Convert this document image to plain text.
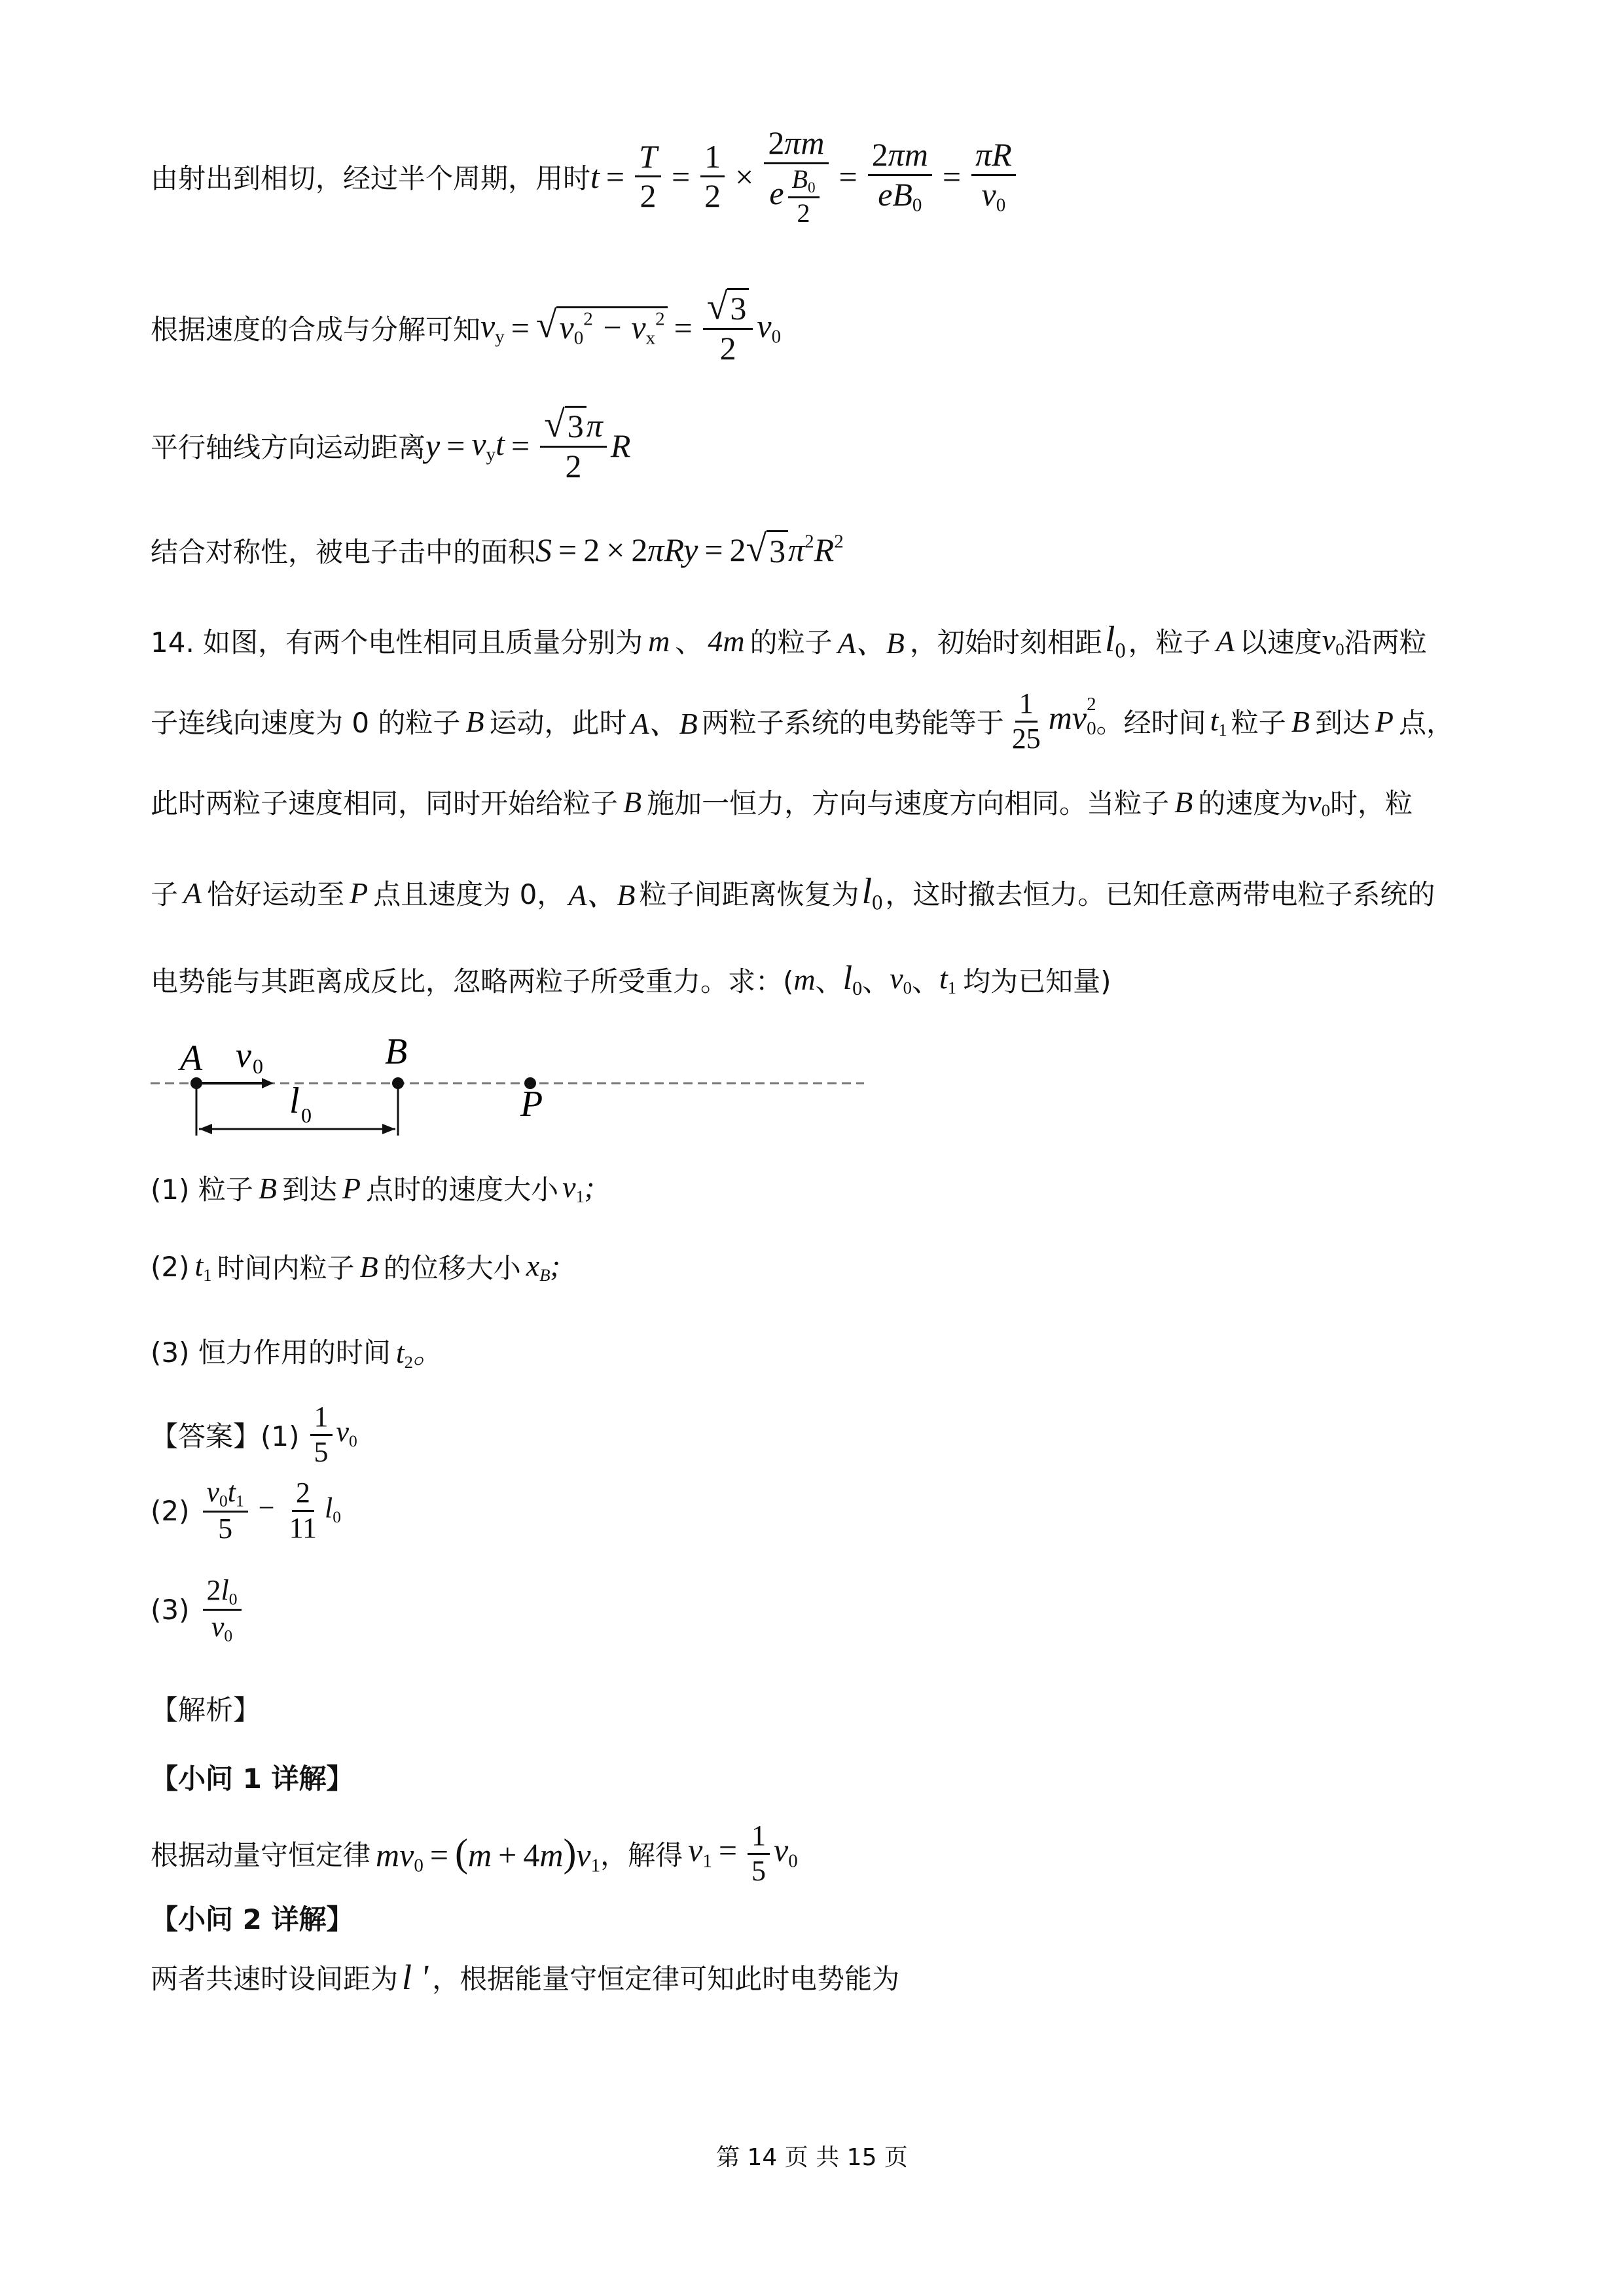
由射出到相切，经过半个周期，用时 $t = \frac{T}{2} = \frac{1}{2} \times \frac{2\pi m}{e \frac{B_0}{2}} = \frac{2\pi m}{eB_0} = \frac{\pi R}{v_0}$
根据速度的合成与分解可知 $v_y$ = √ $v_0^2 - v_x^2 = \frac{√ 3}{2} v_0$
平行轴线方向运动距离 $y = v_yt = \frac{√ 3 \pi}{2}$ R
结合对称性，被电子击中的面积 S = 2 × 2πRy = 2 √ 3 $\pi^2R^2$
14. 如图，有两个电性相同且质量分别为 m 、 4m 的粒子 A、B ，初始时刻相距 $l_0$ ，粒子 A 以速度 $v_0$ 沿两粒
子连线向速度为 0 的粒子 B 运动，此时 A、B 两粒子系统的电势能等于 $\frac{1}{25}$ mv $_{2 0}$ 。经时间 $t_1$ 粒子 B 到达 P 点，
此时两粒子速度相同，同时开始给粒子 B 施加一恒力，方向与速度方向相同。当粒子 B 的速度为 $v_0$ 时，粒
子 A 恰好运动至 P 点且速度为 0， A、B 粒子间距离恢复为 $l_0$ ，这时撤去恒力。已知任意两带电粒子系统的
电势能与其距离成反比，忽略两粒子所受重力。求：( m 、 $l_0$ 、 $v_0$ 、 $t_1$ 均为已知量)
A v 0	B
P
l 0
(1) 粒子 B 到达 P 点时的速度大小 $v_1$;
(2) $t_1$ 时间内粒子 B 的位移大小 $x_B$;
(3) 恒力作用的时间 $t_2$。
【答案】$(1) \frac{1}{5} v_0$
$(2) \frac{v_0t_1}{5} - \frac{2}{11} l_0$
$(3) \frac{2l_0}{v_0}$
【解析】
【小问 1 详解】
根据动量守恒定律 $mv_0 = (m + 4m)v_1$ ，解得 $v_1 = \frac{1}{5} v_0$
【小问 2 详解】
两者共速时设间距为 l ' ，根据能量守恒定律可知此时电势能为
第 14 页 共 15 页
